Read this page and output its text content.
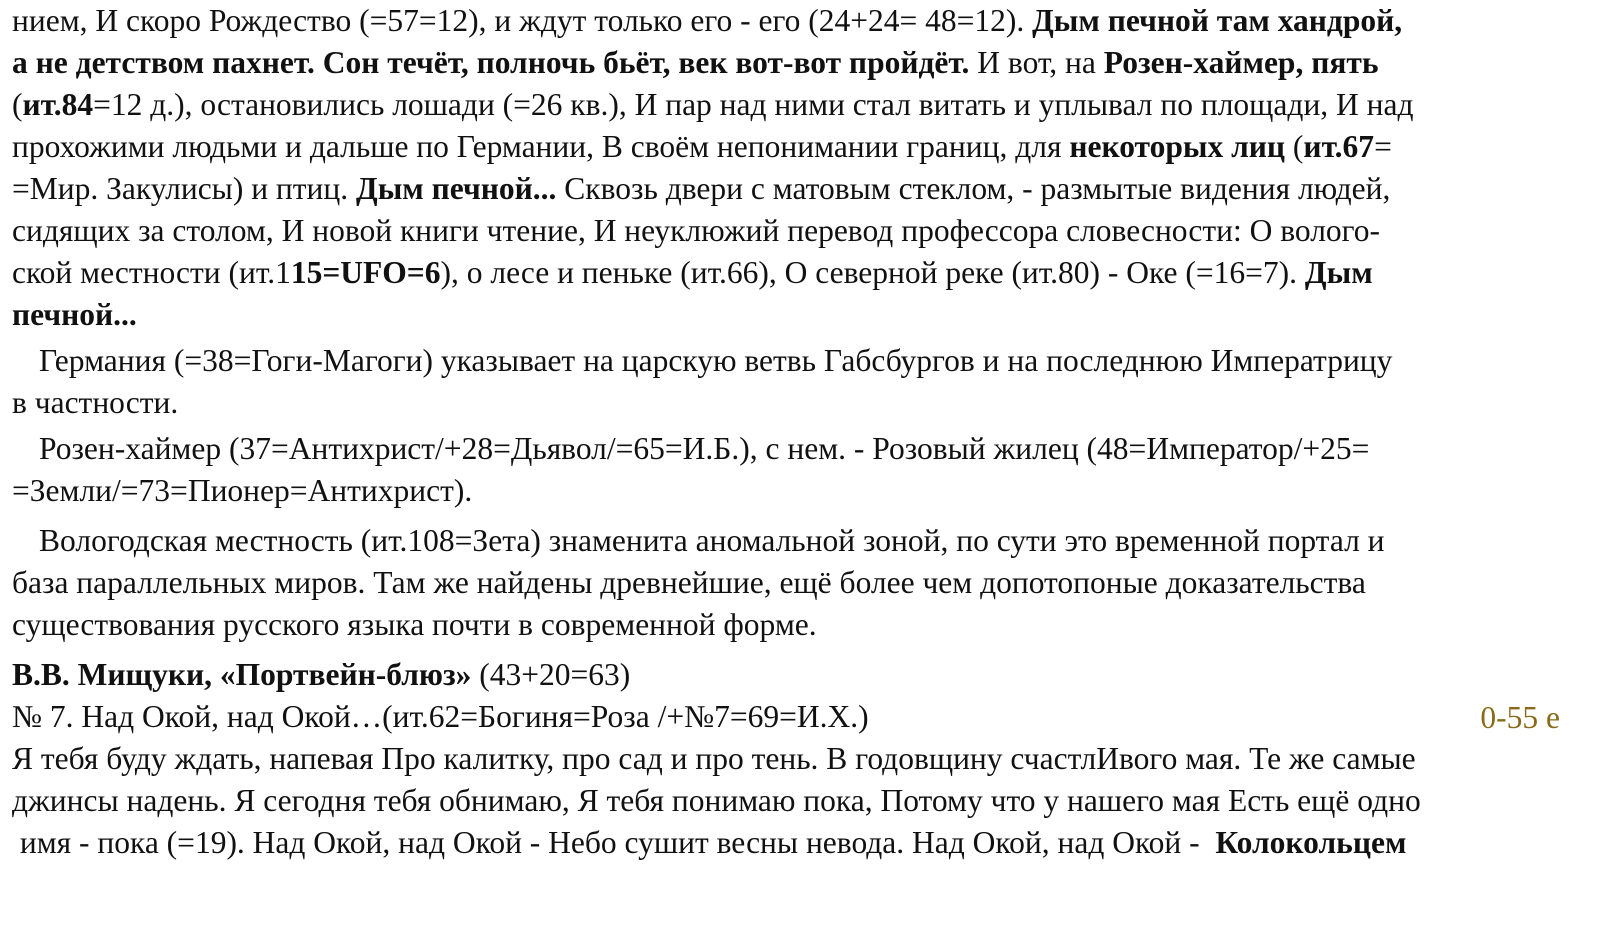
нием, И скоро Рождество (=57=12), и ждут только его - его (24+24= 48=12). Дым печной там хандрой,
а не детством пахнет. Сон течёт, полночь бьёт, век вот-вот пройдёт. И вот, на Розен-хаймер, пять
(ит.84=12 д.), остановились лошади (=26 кв.), И пар над ними стал витать и уплывал по площади, И над
прохожими людьми и дальше по Германии, В своём непонимании границ, для некоторых лиц (ит.67=
=Мир. Закулисы) и птиц. Дым печной... Сквозь двери с матовым стеклом, - размытые видения людей,
сидящих за столом, И новой книги чтение, И неуклюжий перевод профессора словесности: О волого-
ской местности (ит.115=UFO=6), о лесе и пеньке (ит.66), О северной реке (ит.80) - Оке (=16=7). Дым
печной...
Германия (=38=Гоги-Магоги) указывает на царскую ветвь Габсбургов и на последнюю Императрицу
в частности.
Розен-хаймер (37=Антихрист/+28=Дьявол/=65=И.Б.), с нем. - Розовый жилец (48=Император/+25=
=Земли/=73=Пионер=Антихрист).
Вологодская местность (ит.108=Зета) знаменита аномальной зоной, по сути это временной портал и
база параллельных миров. Там же найдены древнейшие, ещё более чем допотопоные доказательства
существования русского языка почти в современной форме.
В.В. Мищуки, «Портвейн-блюз» (43+20=63)
№ 7. Над Окой, над Окой…(ит.62=Богиня=Роза /+№7=69=И.Х.)
Я тебя буду ждать, напевая Про калитку, про сад и про тень. В годовщину счастлИвого мая. Те же самые
джинсы надень. Я сегодня тебя обнимаю, Я тебя понимаю пока, Потому что у нашего мая Есть ещё одно
имя - пока (=19). Над Окой, над Окой - Небо сушит весны невода. Над Окой, над Окой -  Колокольцем
0-55 е
